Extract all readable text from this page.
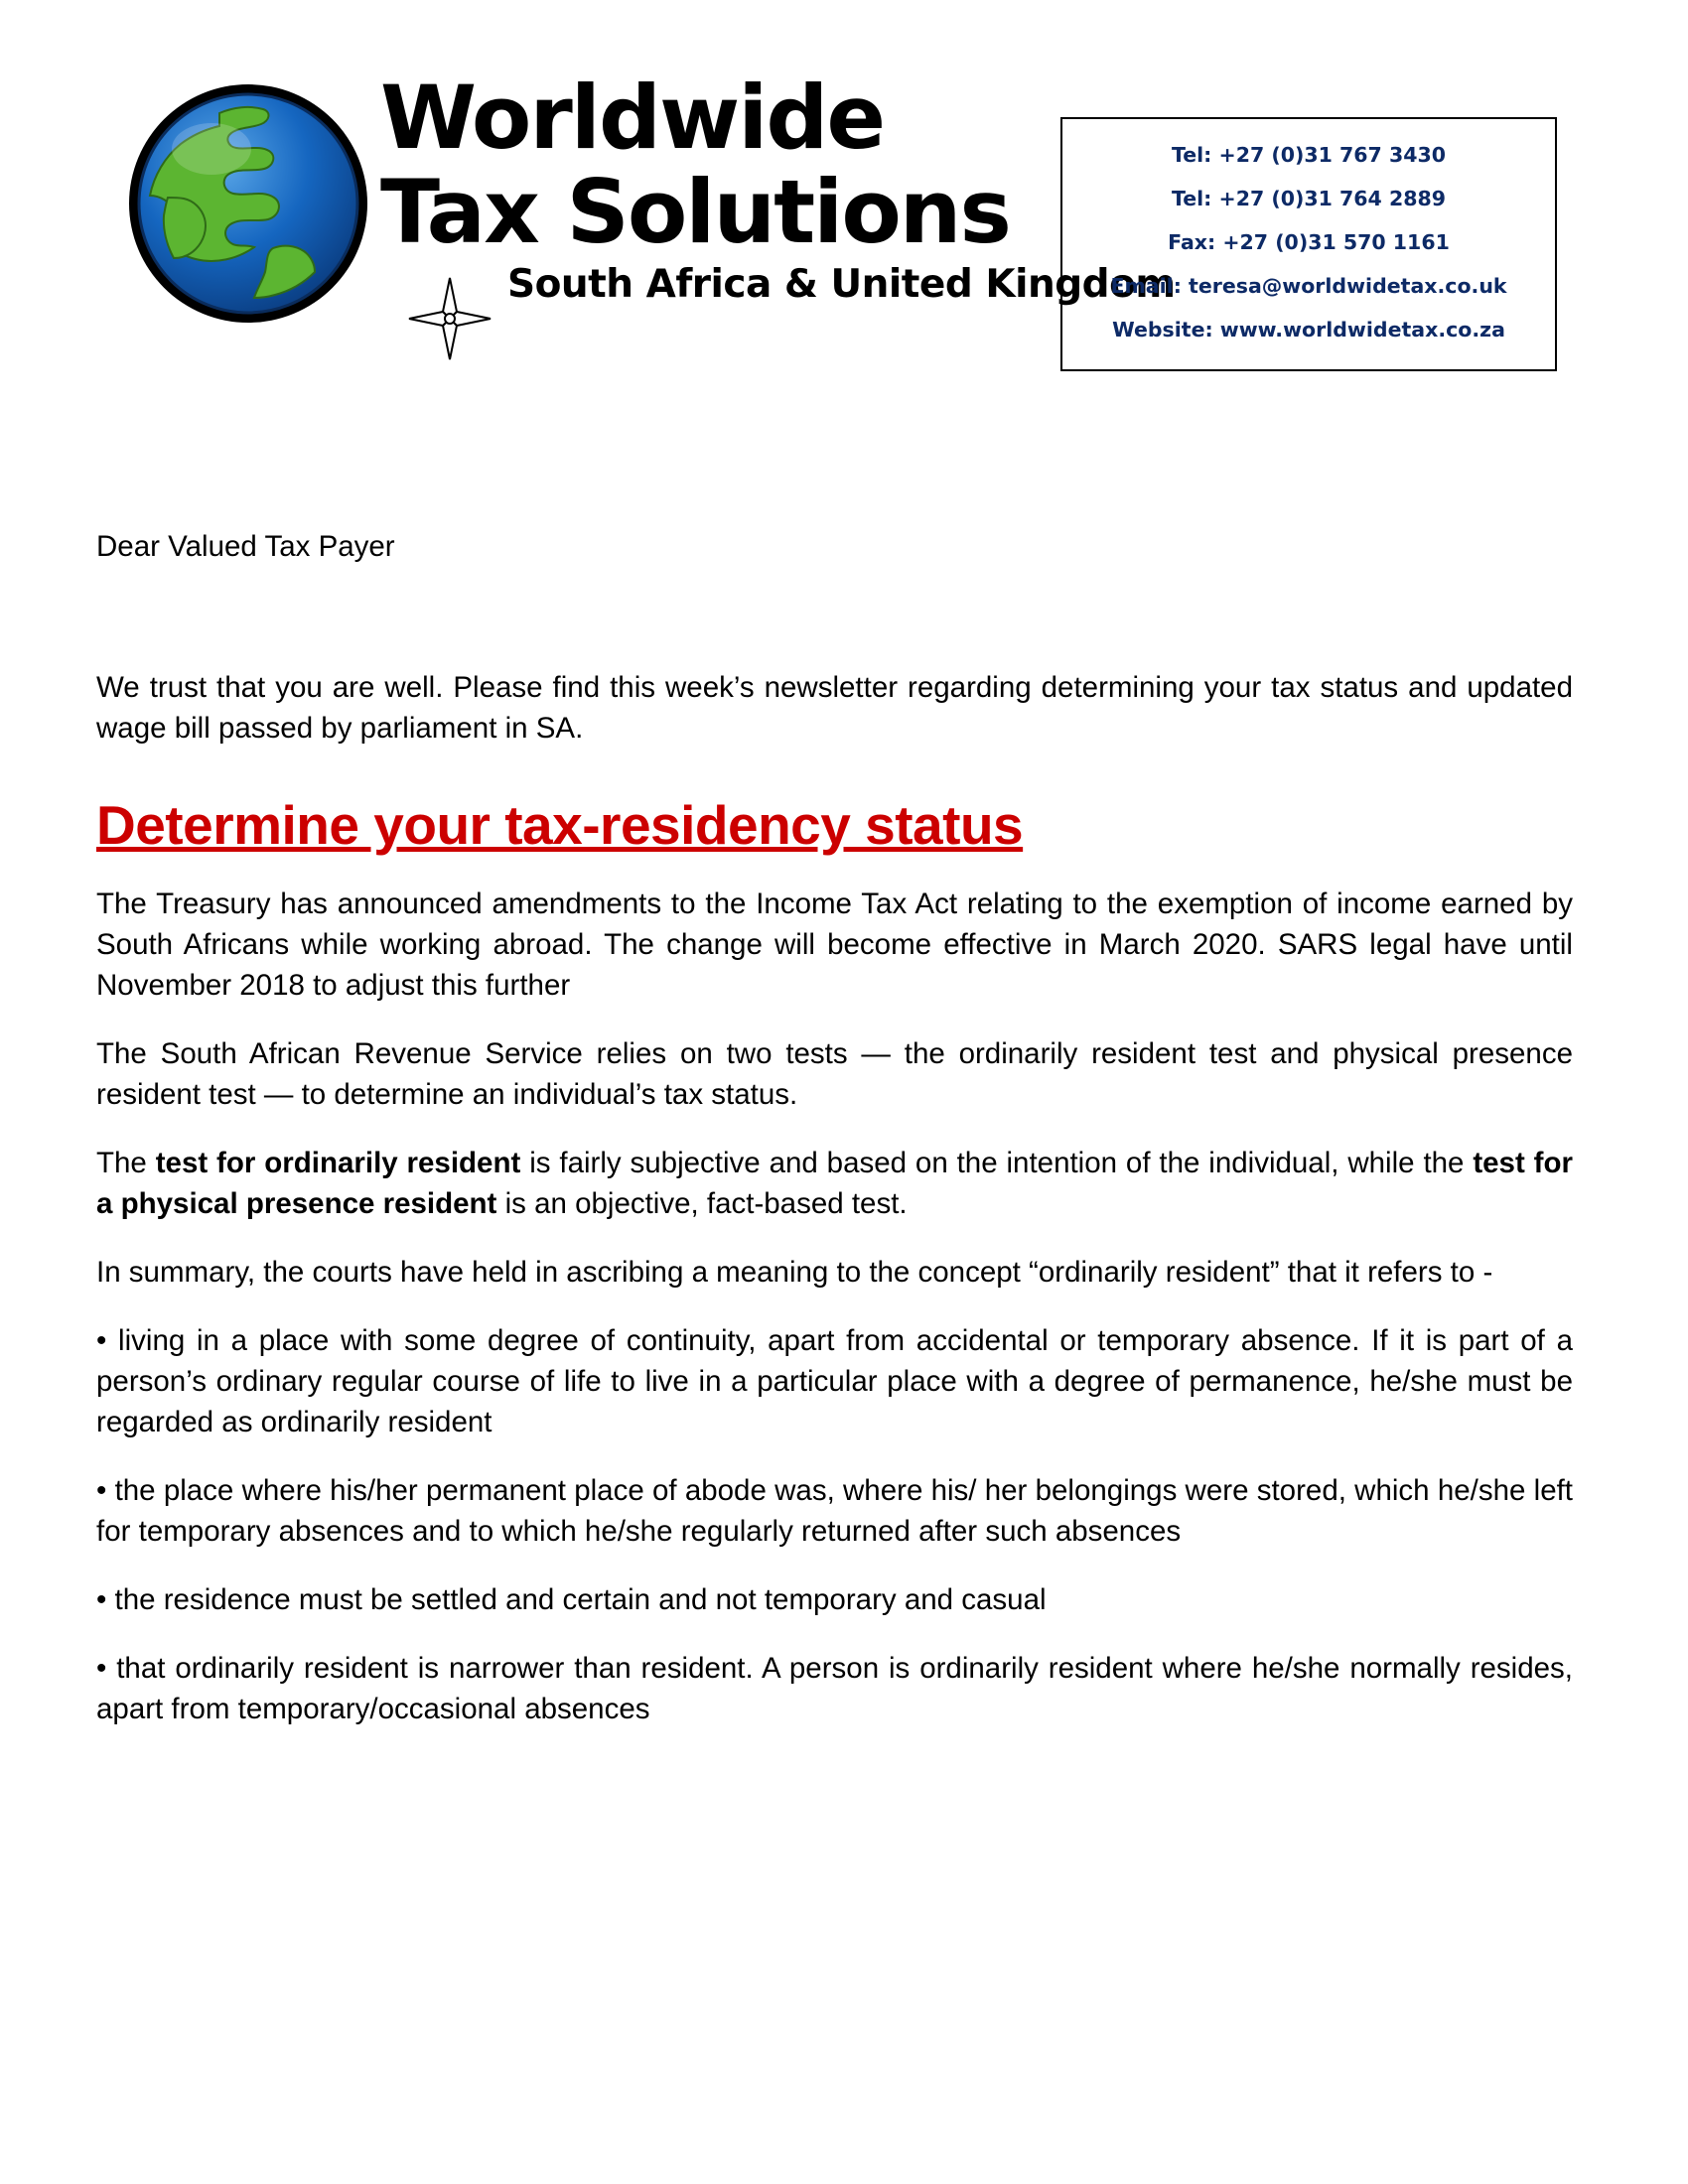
Worldwide
Tax Solutions
South Africa & United Kingdom
Tel: +27 (0)31 767 3430
Tel: +27 (0)31 764 2889
Fax: +27 (0)31 570 1161
Email: teresa@worldwidetax.co.uk
Website: www.worldwidetax.co.za

Dear Valued Tax Payer

We trust that you are well. Please find this week’s newsletter regarding determining your tax status and updated wage bill passed by parliament in SA.

Determine your tax-residency status

The Treasury has announced amendments to the Income Tax Act relating to the exemption of income earned by South Africans while working abroad. The change will become effective in March 2020. SARS legal have until November 2018 to adjust this further

The South African Revenue Service relies on two tests — the ordinarily resident test and physical presence resident test — to determine an individual’s tax status.

The test for ordinarily resident is fairly subjective and based on the intention of the individual, while the test for a physical presence resident is an objective, fact-based test.

In summary, the courts have held in ascribing a meaning to the concept “ordinarily resident” that it refers to -

• living in a place with some degree of continuity, apart from accidental or temporary absence. If it is part of a person’s ordinary regular course of life to live in a particular place with a degree of permanence, he/she must be regarded as ordinarily resident

• the place where his/her permanent place of abode was, where his/ her belongings were stored, which he/she left for temporary absences and to which he/she regularly returned after such absences

• the residence must be settled and certain and not temporary and casual

• that ordinarily resident is narrower than resident. A person is ordinarily resident where he/she normally resides, apart from temporary/occasional absences
